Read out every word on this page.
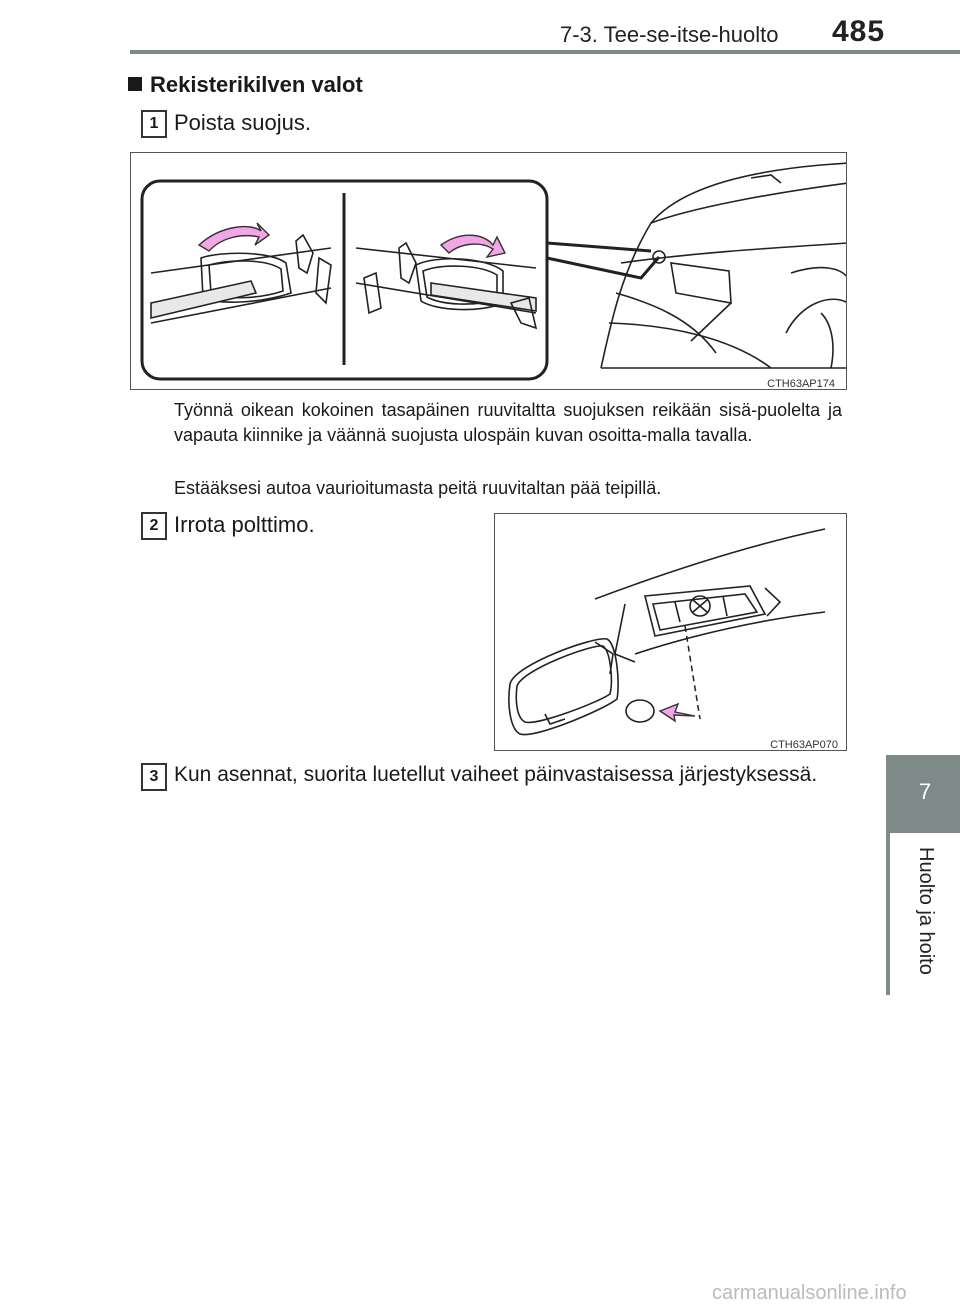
7-3. Tee-se-itse-huolto 485
7
Huolto ja hoito
Rekisterikilven valot
1 Poista suojus.
CTH63AP174
Työnnä oikean kokoinen tasapäinen ruuvitaltta suojuksen reikään sisä-puolelta ja vapauta kiinnike ja väännä suojusta ulospäin kuvan osoitta-malla tavalla.
Estääksesi autoa vaurioitumasta peitä ruuvitaltan pää teipillä.
2 Irrota polttimo.
CTH63AP070
3 Kun asennat, suorita luetellut vaiheet päinvastaisessa järjestyksessä.
carmanualsonline.info
